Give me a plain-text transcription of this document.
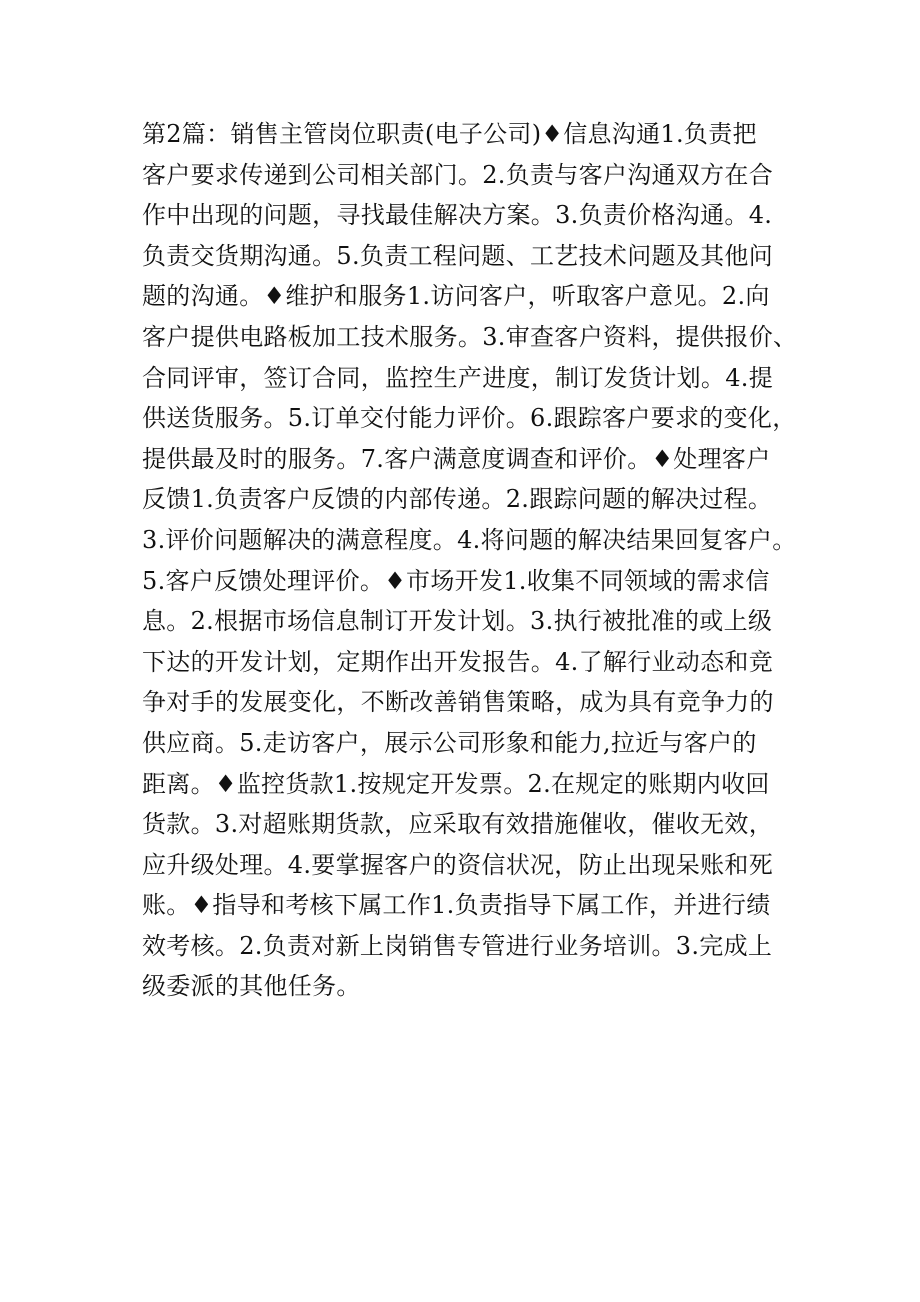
第2篇：销售主管岗位职责(电子公司)♦信息沟通1.负责把
客户要求传递到公司相关部门。2.负责与客户沟通双方在合
作中出现的问题，寻找最佳解决方案。3.负责价格沟通。4.
负责交货期沟通。5.负责工程问题、工艺技术问题及其他问
题的沟通。♦维护和服务1.访问客户，听取客户意见。2.向
客户提供电路板加工技术服务。3.审查客户资料，提供报价、
合同评审，签订合同，监控生产进度，制订发货计划。4.提
供送货服务。5.订单交付能力评价。6.跟踪客户要求的变化，
提供最及时的服务。7.客户满意度调查和评价。♦处理客户
反馈1.负责客户反馈的内部传递。2.跟踪问题的解决过程。
3.评价问题解决的满意程度。4.将问题的解决结果回复客户。
5.客户反馈处理评价。♦市场开发1.收集不同领域的需求信
息。2.根据市场信息制订开发计划。3.执行被批准的或上级
下达的开发计划，定期作出开发报告。4.了解行业动态和竞
争对手的发展变化，不断改善销售策略，成为具有竞争力的
供应商。5.走访客户，展示公司形象和能力,拉近与客户的
距离。♦监控货款1.按规定开发票。2.在规定的账期内收回
货款。3.对超账期货款，应采取有效措施催收，催收无效，
应升级处理。4.要掌握客户的资信状况，防止出现呆账和死
账。♦指导和考核下属工作1.负责指导下属工作，并进行绩
效考核。2.负责对新上岗销售专管进行业务培训。3.完成上
级委派的其他任务。
